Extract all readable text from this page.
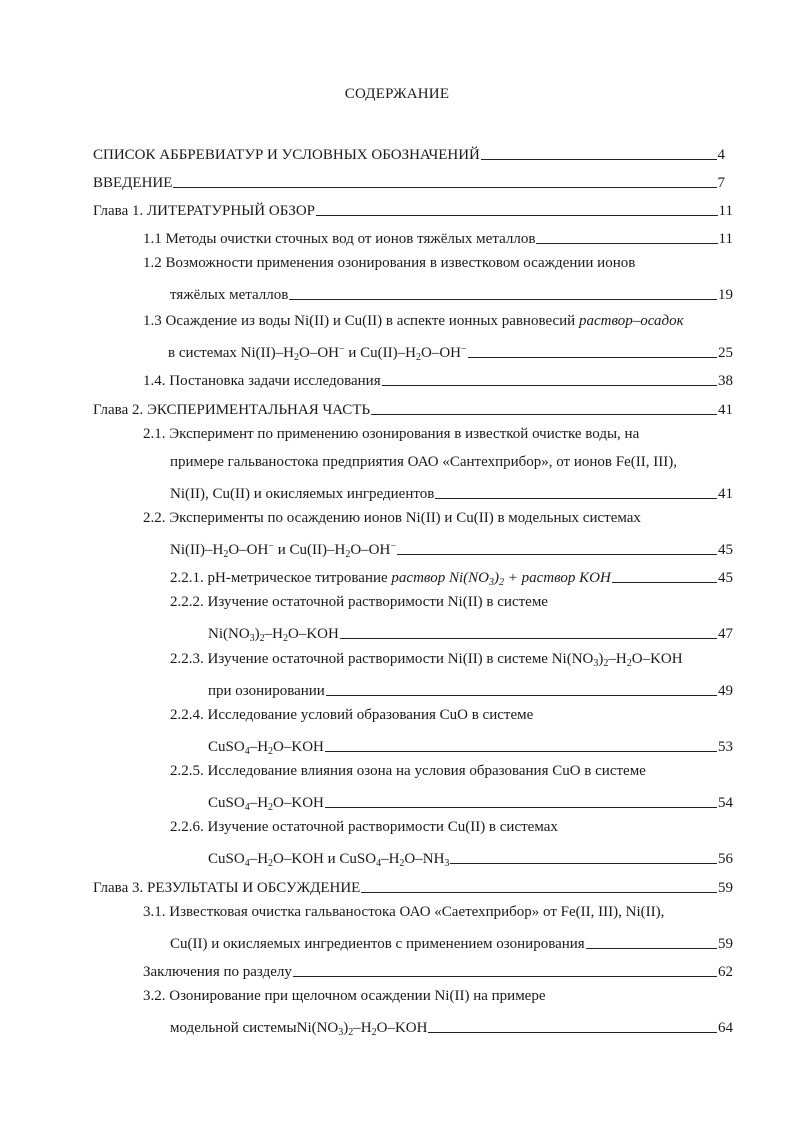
СОДЕРЖАНИЕ
СПИСОК АББРЕВИАТУР И УСЛОВНЫХ ОБОЗНАЧЕНИЙ	4
ВВЕДЕНИЕ	7
Глава 1. ЛИТЕРАТУРНЫЙ ОБЗОР	11
1.1 Методы очистки сточных вод от ионов тяжёлых металлов	11
1.2 Возможности применения озонирования в известковом осаждении ионов
тяжёлых металлов	19
1.3 Осаждение из воды Ni(II) и Cu(II) в аспекте ионных равновесий раствор–осадок
в системах $Ni(II)-H_2O-OH^-$ и $Cu(II)-H_2O-OH^-$	25
1.4. Постановка задачи исследования	38
Глава 2. ЭКСПЕРИМЕНТАЛЬНАЯ ЧАСТЬ	41
2.1. Эксперимент по применению озонирования в известкой очистке воды, на
примере гальваностока предприятия ОАО «Сантехприбор», от ионов Fe(II, III),
Ni(II), Cu(II) и окисляемых ингредиентов	41
2.2. Эксперименты по осаждению ионов Ni(II) и Cu(II) в модельных системах
$Ni(II)-H_2O-OH^-$ и $Cu(II)-H_2O-OH^-$	45
2.2.1. pH-метрическое титрование раствор $Ni(NO_3)_2$ + раствор KOH	45
2.2.2. Изучение остаточной растворимости Ni(II) в системе
$Ni(NO_3)_2-H_2O$–KOH	47
2.2.3. Изучение остаточной растворимости Ni(II) в системе $Ni(NO_3)_2-H_2O$–KOH
при озонировании	49
2.2.4. Исследование условий образования CuO в системе
$CuSO_4-H_2O$–KOH	53
2.2.5. Исследование влияния озона на условия образования CuO в системе
$CuSO_4-H_2O$–KOH	54
2.2.6. Изучение остаточной растворимости Cu(II) в системах
$CuSO_4-H_2O$–KOH и $CuSO_4-H_2O-NH_3$	56
Глава 3. РЕЗУЛЬТАТЫ И ОБСУЖДЕНИЕ	59
3.1. Известковая очистка гальваностока ОАО «Саетехприбор» от Fe(II, III), Ni(II),
Cu(II) и окисляемых ингредиентов с применением озонирования	59
Заключения по разделу	62
3.2. Озонирование при щелочном осаждении Ni(II) на примере
модельной $системыNi(NO_3)_2-H_2O$–KOH	64
